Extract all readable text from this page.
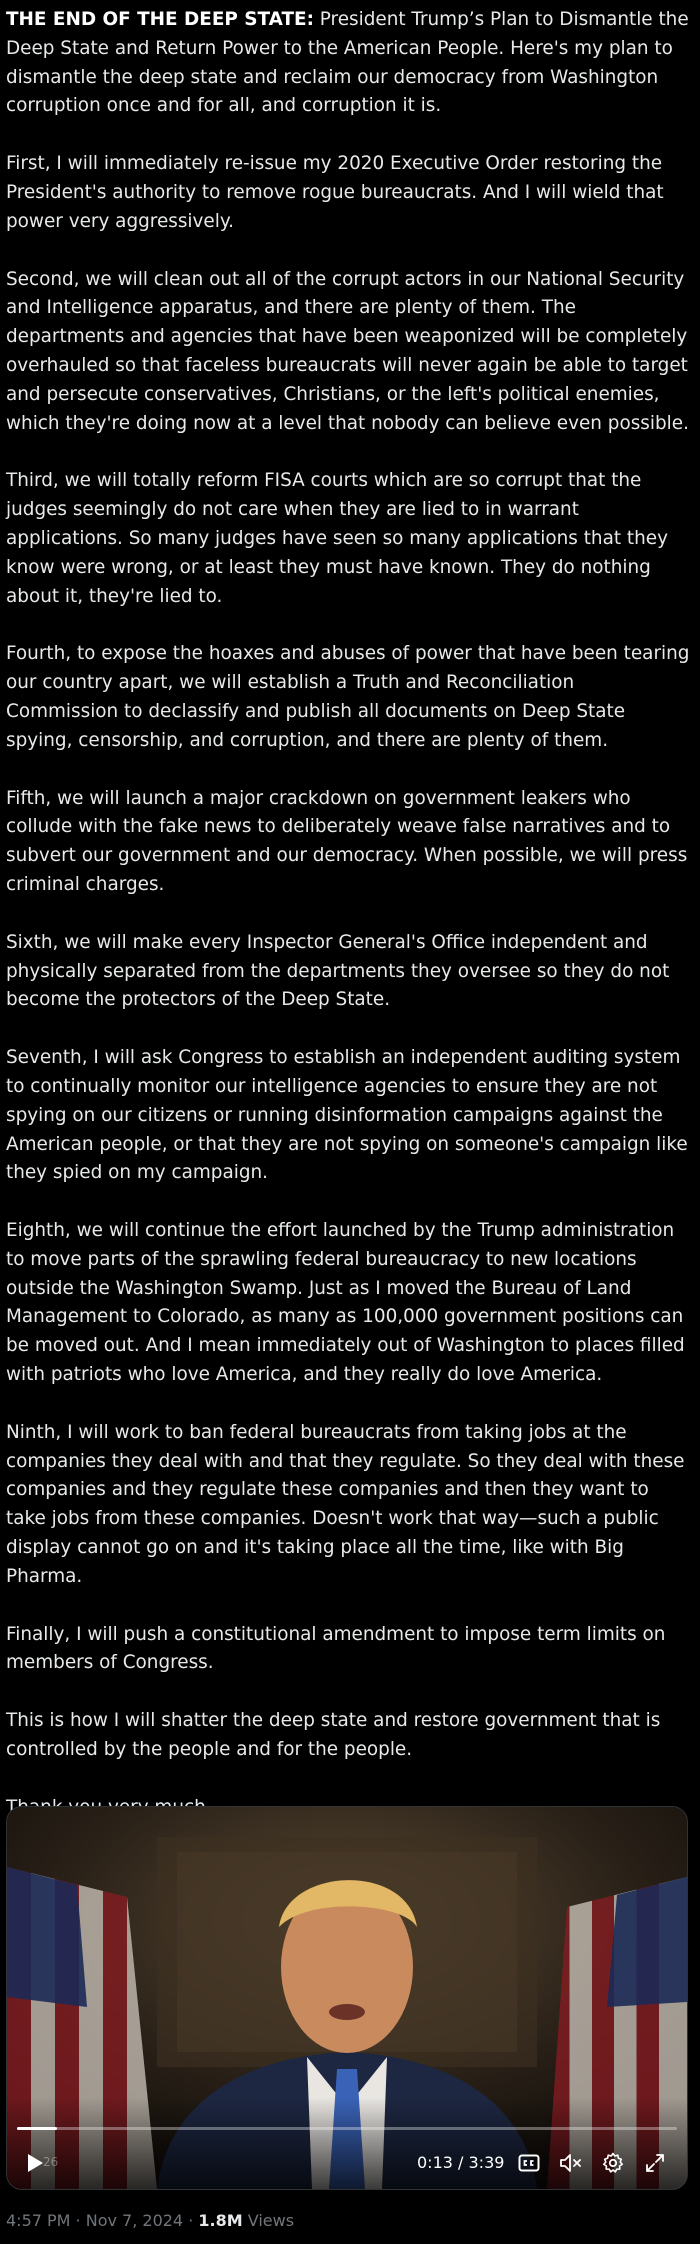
THE END OF THE DEEP STATE: President Trump’s Plan to Dismantle the Deep State and Return Power to the American People. Here's my plan to dismantle the deep state and reclaim our democracy from Washington corruption once and for all, and corruption it is.

First, I will immediately re-issue my 2020 Executive Order restoring the President's authority to remove rogue bureaucrats. And I will wield that power very aggressively.

Second, we will clean out all of the corrupt actors in our National Security and Intelligence apparatus, and there are plenty of them. The departments and agencies that have been weaponized will be completely overhauled so that faceless bureaucrats will never again be able to target and persecute conservatives, Christians, or the left's political enemies, which they're doing now at a level that nobody can believe even possible.

Third, we will totally reform FISA courts which are so corrupt that the judges seemingly do not care when they are lied to in warrant applications. So many judges have seen so many applications that they know were wrong, or at least they must have known. They do nothing about it, they're lied to.

Fourth, to expose the hoaxes and abuses of power that have been tearing our country apart, we will establish a Truth and Reconciliation Commission to declassify and publish all documents on Deep State spying, censorship, and corruption, and there are plenty of them.

Fifth, we will launch a major crackdown on government leakers who collude with the fake news to deliberately weave false narratives and to subvert our government and our democracy. When possible, we will press criminal charges.

Sixth, we will make every Inspector General's Office independent and physically separated from the departments they oversee so they do not become the protectors of the Deep State.

Seventh, I will ask Congress to establish an independent auditing system to continually monitor our intelligence agencies to ensure they are not spying on our citizens or running disinformation campaigns against the American people, or that they are not spying on someone's campaign like they spied on my campaign.

Eighth, we will continue the effort launched by the Trump administration to move parts of the sprawling federal bureaucracy to new locations outside the Washington Swamp. Just as I moved the Bureau of Land Management to Colorado, as many as 100,000 government positions can be moved out. And I mean immediately out of Washington to places filled with patriots who love America, and they really do love America.

Ninth, I will work to ban federal bureaucrats from taking jobs at the companies they deal with and that they regulate. So they deal with these companies and they regulate these companies and then they want to take jobs from these companies. Doesn't work that way—such a public display cannot go on and it's taking place all the time, like with Big Pharma.

Finally, I will push a constitutional amendment to impose term limits on members of Congress.

This is how I will shatter the deep state and restore government that is controlled by the people and for the people.

26	0:13 / 3:39
4:57 PM · Nov 7, 2024 · 1.8M Views
